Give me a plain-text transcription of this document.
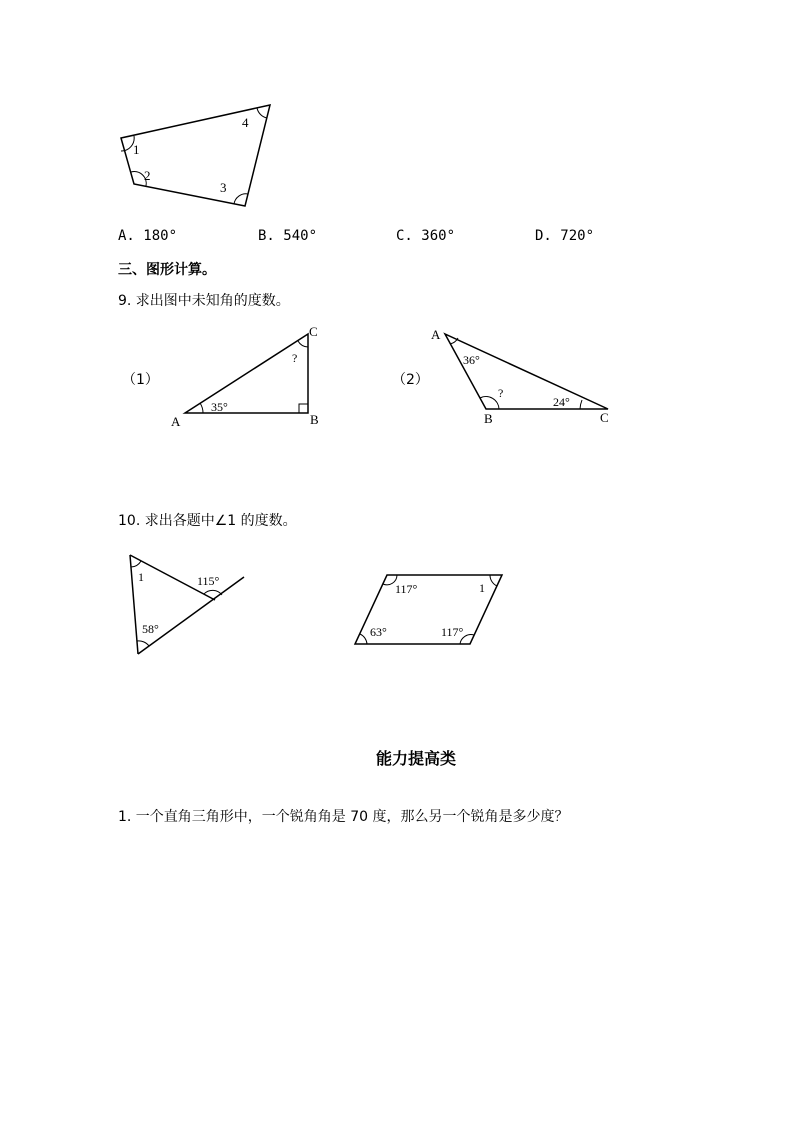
1
2
3
4
A. 180°	B. 540°	C. 360°	D. 720°
三、图形计算。
9. 求出图中未知角的度数。
（1）
A	B
C
35°
?
（2）
A
B	C
36°
?
24°
10. 求出各题中∠1 的度数。
1	115°
58°
117°	1
63°	117°
能力提高类
1. 一个直角三角形中，一个锐角角是 70 度，那么另一个锐角是多少度？
